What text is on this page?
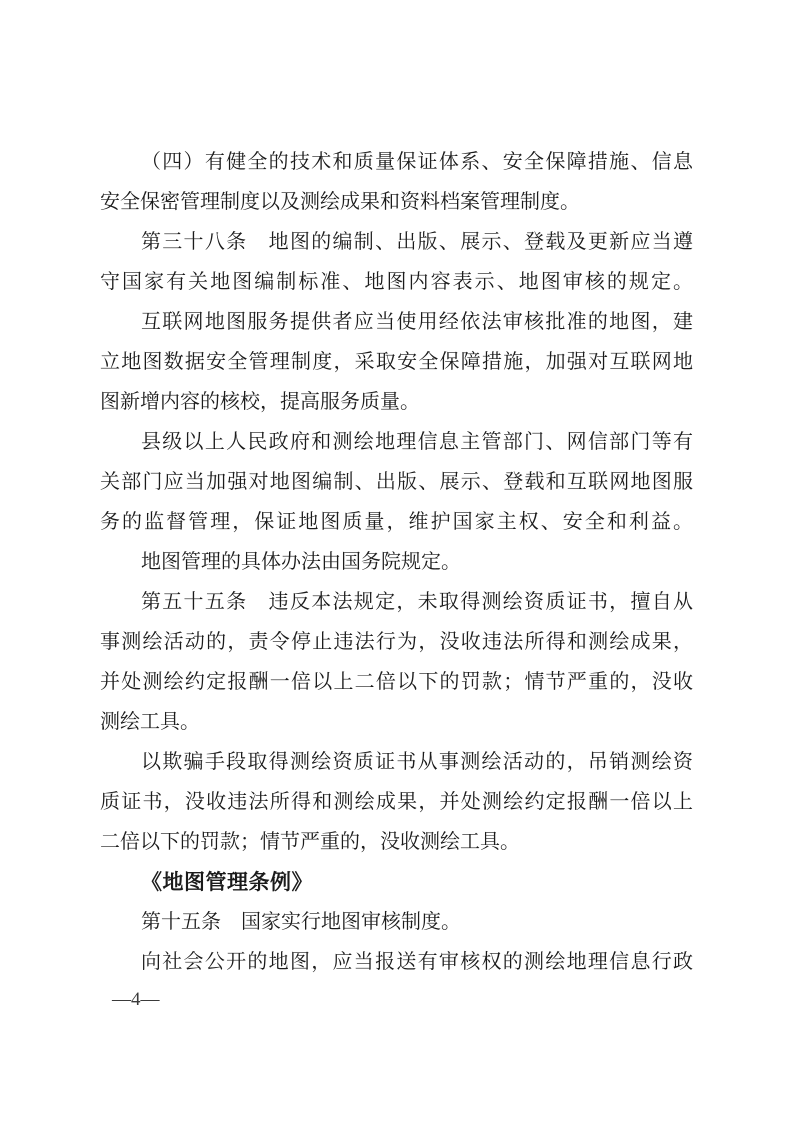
（四）有健全的技术和质量保证体系、安全保障措施、信息
安全保密管理制度以及测绘成果和资料档案管理制度。

第三十八条　地图的编制、出版、展示、登载及更新应当遵
守国家有关地图编制标准、地图内容表示、地图审核的规定。

互联网地图服务提供者应当使用经依法审核批准的地图，建
立地图数据安全管理制度，采取安全保障措施，加强对互联网地
图新增内容的核校，提高服务质量。

县级以上人民政府和测绘地理信息主管部门、网信部门等有
关部门应当加强对地图编制、出版、展示、登载和互联网地图服
务的监督管理，保证地图质量，维护国家主权、安全和利益。

地图管理的具体办法由国务院规定。

第五十五条　违反本法规定，未取得测绘资质证书，擅自从
事测绘活动的，责令停止违法行为，没收违法所得和测绘成果，
并处测绘约定报酬一倍以上二倍以下的罚款；情节严重的，没收
测绘工具。

以欺骗手段取得测绘资质证书从事测绘活动的，吊销测绘资
质证书，没收违法所得和测绘成果，并处测绘约定报酬一倍以上
二倍以下的罚款；情节严重的，没收测绘工具。

《地图管理条例》

第十五条　国家实行地图审核制度。

向社会公开的地图，应当报送有审核权的测绘地理信息行政

—4—
